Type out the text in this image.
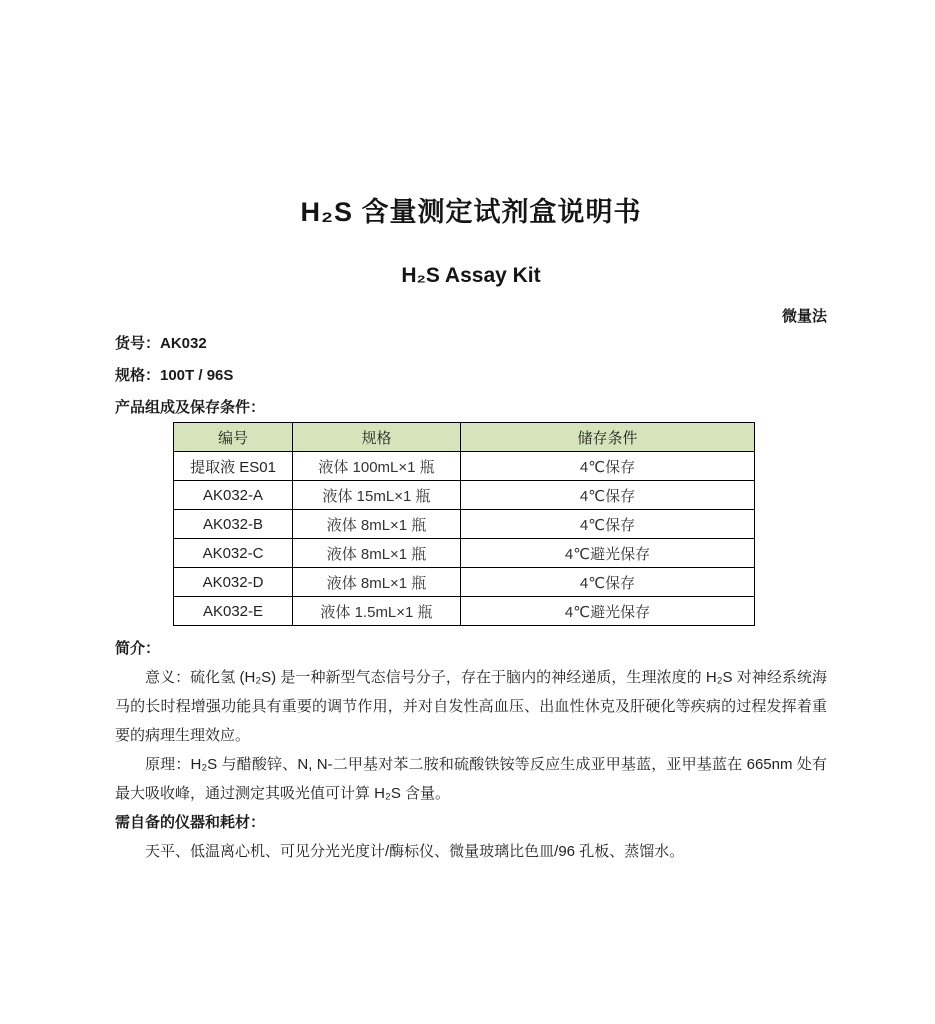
H₂S 含量测定试剂盒说明书
H₂S Assay Kit
微量法
货号：AK032
规格：100T / 96S
产品组成及保存条件：
编号	规格	储存条件
提取液 ES01	液体 100mL×1 瓶	4℃保存
AK032-A	液体 15mL×1 瓶	4℃保存
AK032-B	液体 8mL×1 瓶	4℃保存
AK032-C	液体 8mL×1 瓶	4℃避光保存
AK032-D	液体 8mL×1 瓶	4℃保存
AK032-E	液体 1.5mL×1 瓶	4℃避光保存
简介：

意义：硫化氢 (H₂S) 是一种新型气态信号分子，存在于脑内的神经递质，生理浓度的 H₂S 对神经系统海马的长时程增强功能具有重要的调节作用，并对自发性高血压、出血性休克及肝硬化等疾病的过程发挥着重要的病理生理效应。

原理：H₂S 与醋酸锌、N, N-二甲基对苯二胺和硫酸铁铵等反应生成亚甲基蓝，亚甲基蓝在 665nm 处有最大吸收峰，通过测定其吸光值可计算 H₂S 含量。

需自备的仪器和耗材：

天平、低温离心机、可见分光光度计/酶标仪、微量玻璃比色皿/96 孔板、蒸馏水。
